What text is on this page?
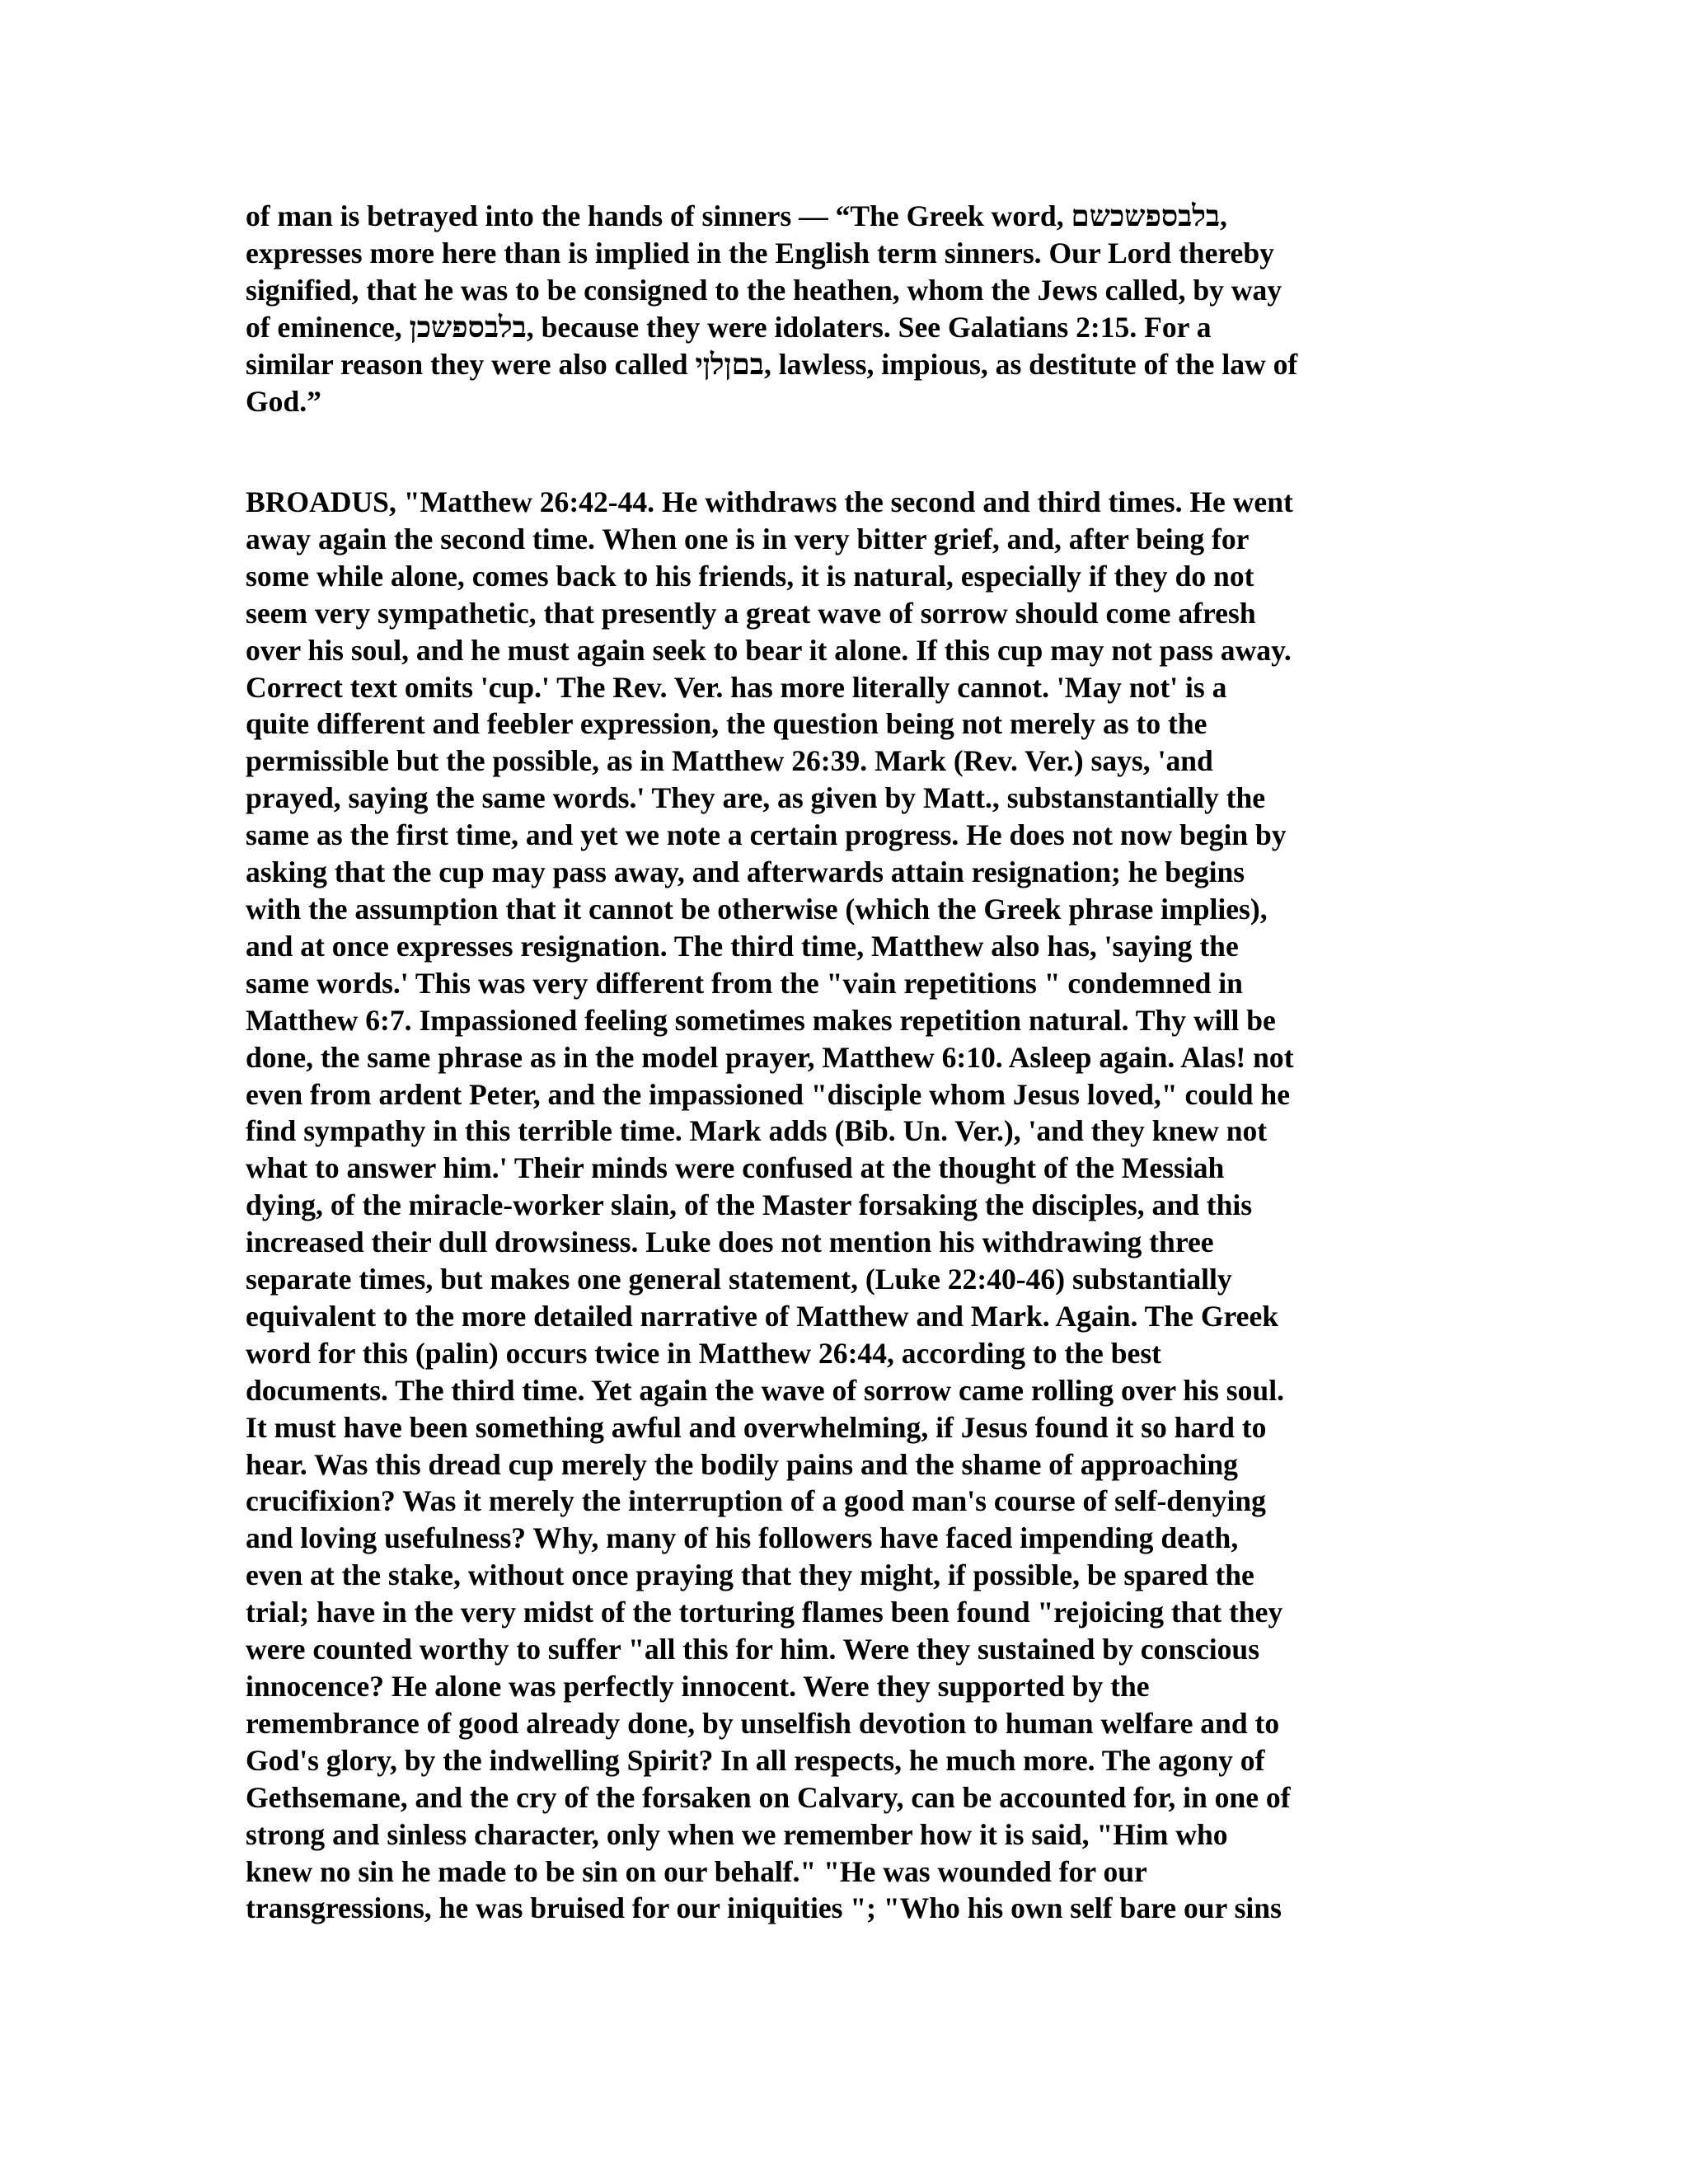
of man is betrayed into the hands of sinners — “The Greek word, בלבספשכשם,
expresses more here than is implied in the English term sinners. Our Lord thereby
signified, that he was to be consigned to the heathen, whom the Jews called, by way
of eminence, בלבספשכן, because they were idolaters. See Galatians 2:15. For a
similar reason they were also called בםןלןי, lawless, impious, as destitute of the law of
God.”
BROADUS, "Matthew 26:42-44. He withdraws the second and third times. He went
away again the second time. When one is in very bitter grief, and, after being for
some while alone, comes back to his friends, it is natural, especially if they do not
seem very sympathetic, that presently a great wave of sorrow should come afresh
over his soul, and he must again seek to bear it alone. If this cup may not pass away.
Correct text omits 'cup.' The Rev. Ver. has more literally cannot. 'May not' is a
quite different and feebler expression, the question being not merely as to the
permissible but the possible, as in Matthew 26:39. Mark (Rev. Ver.) says, 'and
prayed, saying the same words.' They are, as given by Matt., substanstantially the
same as the first time, and yet we note a certain progress. He does not now begin by
asking that the cup may pass away, and afterwards attain resignation; he begins
with the assumption that it cannot be otherwise (which the Greek phrase implies),
and at once expresses resignation. The third time, Matthew also has, 'saying the
same words.' This was very different from the "vain repetitions " condemned in
Matthew 6:7. Impassioned feeling sometimes makes repetition natural. Thy will be
done, the same phrase as in the model prayer, Matthew 6:10. Asleep again. Alas! not
even from ardent Peter, and the impassioned "disciple whom Jesus loved," could he
find sympathy in this terrible time. Mark adds (Bib. Un. Ver.), 'and they knew not
what to answer him.' Their minds were confused at the thought of the Messiah
dying, of the miracle-worker slain, of the Master forsaking the disciples, and this
increased their dull drowsiness. Luke does not mention his withdrawing three
separate times, but makes one general statement, (Luke 22:40-46) substantially
equivalent to the more detailed narrative of Matthew and Mark. Again. The Greek
word for this (palin) occurs twice in Matthew 26:44, according to the best
documents. The third time. Yet again the wave of sorrow came rolling over his soul.
It must have been something awful and overwhelming, if Jesus found it so hard to
hear. Was this dread cup merely the bodily pains and the shame of approaching
crucifixion? Was it merely the interruption of a good man's course of self-denying
and loving usefulness? Why, many of his followers have faced impending death,
even at the stake, without once praying that they might, if possible, be spared the
trial; have in the very midst of the torturing flames been found "rejoicing that they
were counted worthy to suffer "all this for him. Were they sustained by conscious
innocence? He alone was perfectly innocent. Were they supported by the
remembrance of good already done, by unselfish devotion to human welfare and to
God's glory, by the indwelling Spirit? In all respects, he much more. The agony of
Gethsemane, and the cry of the forsaken on Calvary, can be accounted for, in one of
strong and sinless character, only when we remember how it is said, "Him who
knew no sin he made to be sin on our behalf." "He was wounded for our
transgressions, he was bruised for our iniquities "; "Who his own self bare our sins
